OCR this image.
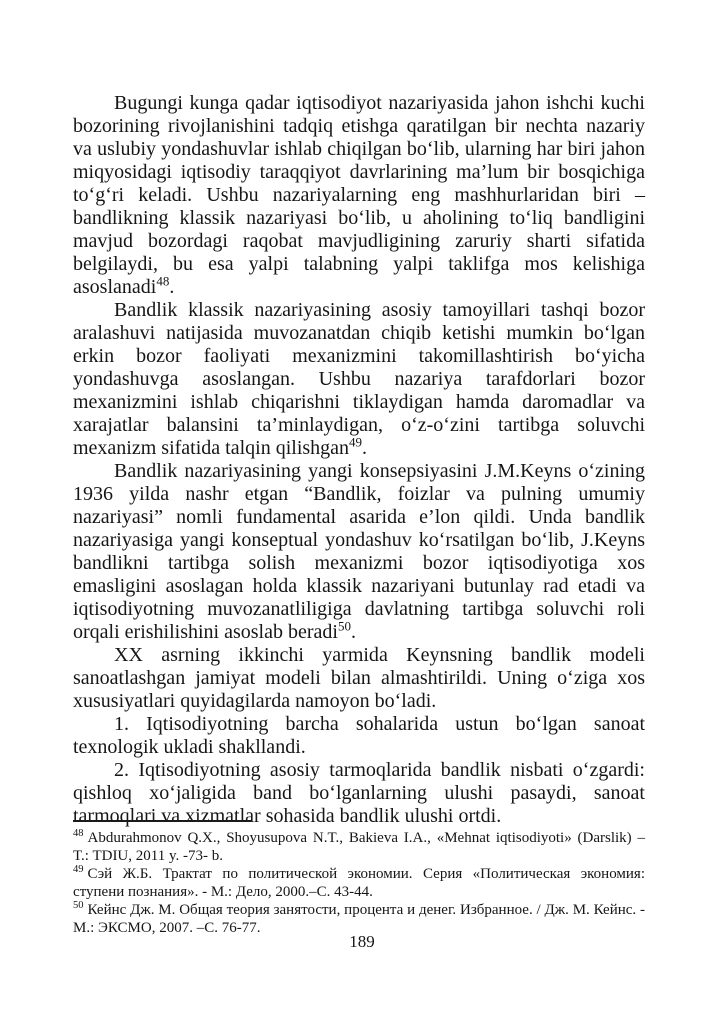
Bugungi kunga qadar iqtisodiyot nazariyasida jahon ishchi kuchi bozorining rivojlanishini tadqiq etishga qaratilgan bir nechta nazariy va uslubiy yondashuvlar ishlab chiqilgan bo‘lib, ularning har biri jahon miqyosidagi iqtisodiy taraqqiyot davrlarining ma’lum bir bosqichiga to‘g‘ri keladi. Ushbu nazariyalarning eng mashhurlaridan biri – bandlikning klassik nazariyasi bo‘lib, u aholining to‘liq bandligini mavjud bozordagi raqobat mavjudligining zaruriy sharti sifatida belgilaydi, bu esa yalpi talabning yalpi taklifga mos kelishiga asoslanadi$^{48}$.

Bandlik klassik nazariyasining asosiy tamoyillari tashqi bozor aralashuvi natijasida muvozanatdan chiqib ketishi mumkin bo‘lgan erkin bozor faoliyati mexanizmini takomillashtirish bo‘yicha yondashuvga asoslangan. Ushbu nazariya tarafdorlari bozor mexanizmini ishlab chiqarishni tiklaydigan hamda daromadlar va xarajatlar balansini ta’minlaydigan, o‘z-o‘zini tartibga soluvchi mexanizm sifatida talqin qilishgan$^{49}$.

Bandlik nazariyasining yangi konsepsiyasini J.M.Keyns o‘zining 1936 yilda nashr etgan “Bandlik, foizlar va pulning umumiy nazariyasi” nomli fundamental asarida e’lon qildi. Unda bandlik nazariyasiga yangi konseptual yondashuv ko‘rsatilgan bo‘lib, J.Keyns bandlikni tartibga solish mexanizmi bozor iqtisodiyotiga xos emasligini asoslagan holda klassik nazariyani butunlay rad etadi va iqtisodiyotning muvozanatliligiga davlatning tartibga soluvchi roli orqali erishilishini asoslab beradi$^{50}$.

XX asrning ikkinchi yarmida Keynsning bandlik modeli sanoatlashgan jamiyat modeli bilan almashtirildi. Uning o‘ziga xos xususiyatlari quyidagilarda namoyon bo‘ladi.

1. Iqtisodiyotning barcha sohalarida ustun bo‘lgan sanoat texnologik ukladi shakllandi.

2. Iqtisodiyotning asosiy tarmoqlarida bandlik nisbati o‘zgardi: qishloq xo‘jaligida band bo‘lganlarning ulushi pasaydi, sanoat tarmoqlari va xizmatlar sohasida bandlik ulushi ortdi.

$^{48}$ Abdurahmonov Q.X., Shoyusupova N.T., Bakieva I.A., «Mehnat iqtisodiyoti» (Darslik) – T.: TDIU, 2011 y. -73- b.

$^{49}$ Сэй Ж.Б. Трактат по политической экономии. Серия «Политическая экономия: ступени познания». - М.: Дело, 2000.–С. 43-44.

$^{50}$ Кейнс Дж. М. Общая теория занятости, процента и денег. Избранное. / Дж. М. Кейнс. - М.: ЭКСМО, 2007. –С. 76-77.

189
